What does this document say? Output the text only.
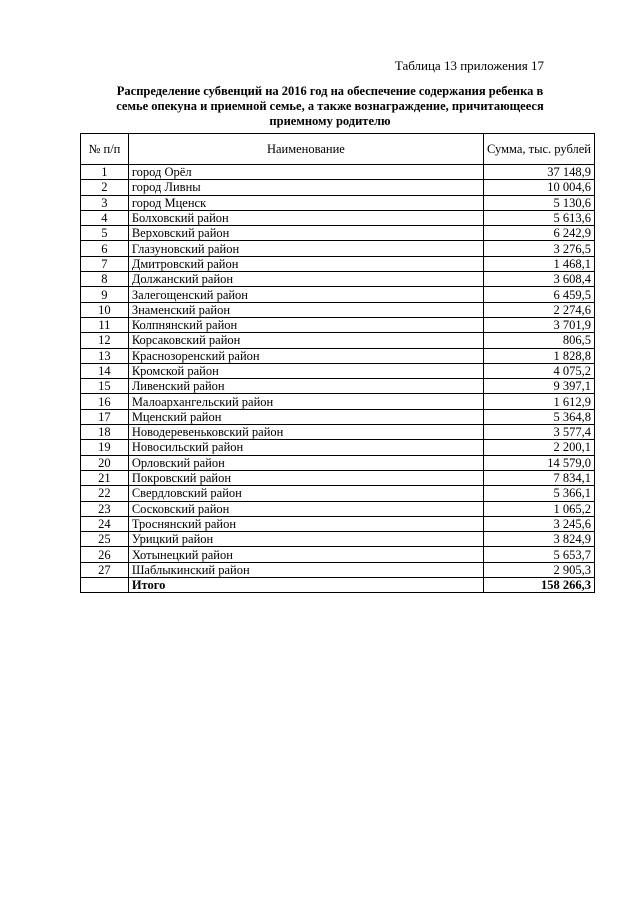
Таблица 13 приложения 17
Распределение субвенций на 2016 год на обеспечение содержания ребенка в семье опекуна и приемной семье, а также вознаграждение, причитающееся приемному родителю
№ п/п	Наименование	Сумма, тыс. рублей
1	город Орёл	37 148,9
2	город Ливны	10 004,6
3	город Мценск	5 130,6
4	Болховский район	5 613,6
5	Верховский район	6 242,9
6	Глазуновский район	3 276,5
7	Дмитровский район	1 468,1
8	Должанский район	3 608,4
9	Залегощенский район	6 459,5
10	Знаменский район	2 274,6
11	Колпнянский район	3 701,9
12	Корсаковский район	806,5
13	Краснозоренский район	1 828,8
14	Кромской район	4 075,2
15	Ливенский район	9 397,1
16	Малоархангельский район	1 612,9
17	Мценский район	5 364,8
18	Новодеревеньковский район	3 577,4
19	Новосильский район	2 200,1
20	Орловский район	14 579,0
21	Покровский район	7 834,1
22	Свердловский район	5 366,1
23	Сосковский район	1 065,2
24	Троснянский район	3 245,6
25	Урицкий район	3 824,9
26	Хотынецкий район	5 653,7
27	Шаблыкинский район	2 905,3
	Итого	158 266,3
